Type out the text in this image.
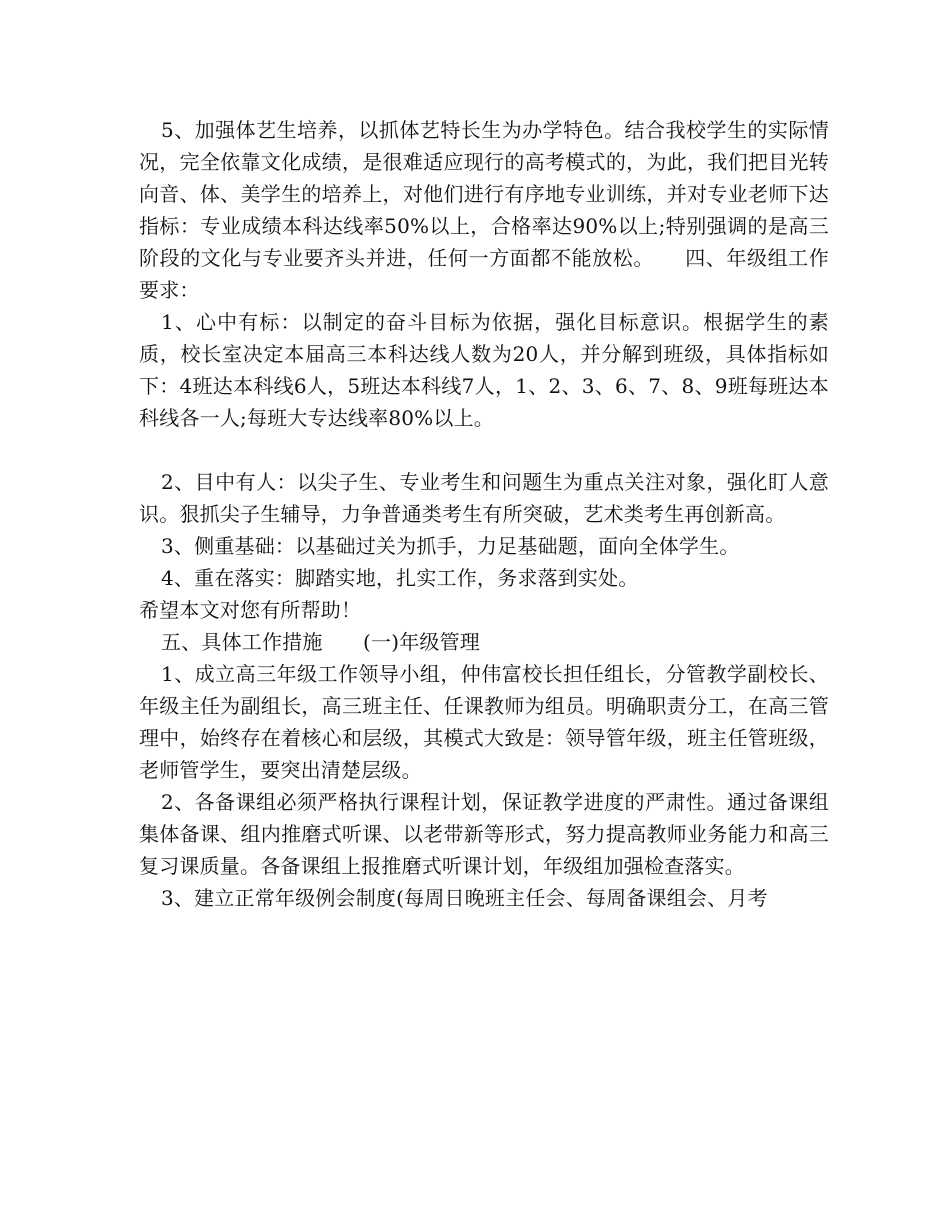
5、加强体艺生培养，以抓体艺特长生为办学特色。结合我校学生的实际情况，完全依靠文化成绩，是很难适应现行的高考模式的，为此，我们把目光转向音、体、美学生的培养上，对他们进行有序地专业训练，并对专业老师下达指标：专业成绩本科达线率50%以上，合格率达90%以上;特别强调的是高三阶段的文化与专业要齐头并进，任何一方面都不能放松。　　四、年级组工作要求：

1、心中有标：以制定的奋斗目标为依据，强化目标意识。根据学生的素质，校长室决定本届高三本科达线人数为20人，并分解到班级，具体指标如下：4班达本科线6人，5班达本科线7人，1、2、3、6、7、8、9班每班达本科线各一人;每班大专达线率80%以上。

2、目中有人：以尖子生、专业考生和问题生为重点关注对象，强化盯人意识。狠抓尖子生辅导，力争普通类考生有所突破，艺术类考生再创新高。

3、侧重基础：以基础过关为抓手，力足基础题，面向全体学生。

4、重在落实：脚踏实地，扎实工作，务求落到实处。

希望本文对您有所帮助！

五、具体工作措施　　(一)年级管理

1、成立高三年级工作领导小组，仲伟富校长担任组长，分管教学副校长、年级主任为副组长，高三班主任、任课教师为组员。明确职责分工，在高三管理中，始终存在着核心和层级，其模式大致是：领导管年级，班主任管班级，老师管学生，要突出清楚层级。

2、各备课组必须严格执行课程计划，保证教学进度的严肃性。通过备课组集体备课、组内推磨式听课、以老带新等形式，努力提高教师业务能力和高三复习课质量。各备课组上报推磨式听课计划，年级组加强检查落实。

3、建立正常年级例会制度(每周日晚班主任会、每周备课组会、月考
